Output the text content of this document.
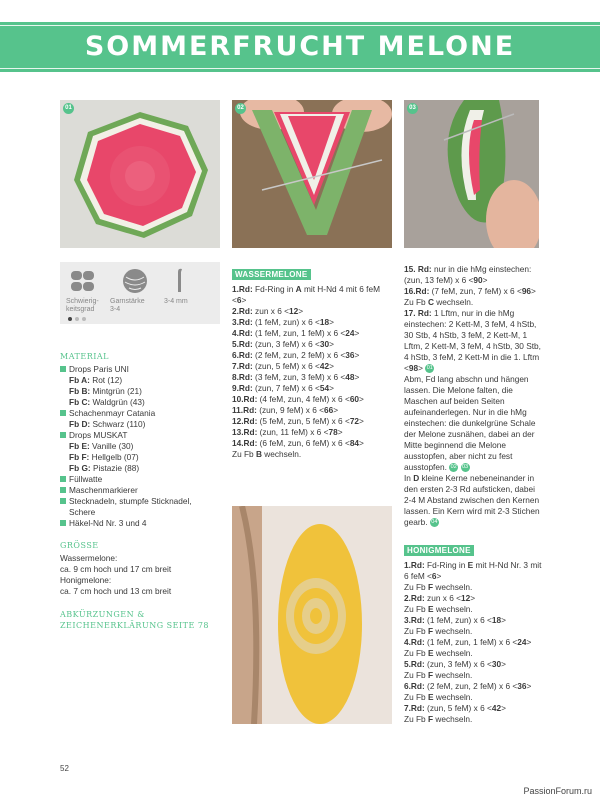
SOMMERFRUCHT MELONE
01	02	03
Schwierig-
keitsgrad
Garnstärke
3-4
3-4 mm
MATERIAL
Drops Paris UNI
Fb A: Rot (12)
Fb B: Mintgrün (21)
Fb C: Waldgrün (43)
Schachenmayr Catania
Fb D: Schwarz (110)
Drops MUSKAT
Fb E: Vanille (30)
Fb F: Hellgelb (07)
Fb G: Pistazie (88)
Füllwatte
Maschenmarkierer
Stecknadeln, stumpfe Sticknadel,
Schere
Häkel-Nd Nr. 3 und 4
GRÖSSE
Wassermelone:
ca. 9 cm hoch und 17 cm breit
Honigmelone:
ca. 7 cm hoch und 13 cm breit
ABKÜRZUNGEN &
ZEICHENERKLÄRUNG SEITE 78
WASSERMELONE
1.Rd: Fd-Ring in A mit H-Nd 4 mit 6 feM <6>
2.Rd: zun x 6 <12>
3.Rd: (1 feM, zun) x 6 <18>
4.Rd: (1 feM, zun, 1 feM) x 6 <24>
5.Rd: (zun, 3 feM) x 6 <30>
6.Rd: (2 feM, zun, 2 feM) x 6 <36>
7.Rd: (zun, 5 feM) x 6 <42>
8.Rd: (3 feM, zun, 3 feM) x 6 <48>
9.Rd: (zun, 7 feM) x 6 <54>
10.Rd: (4 feM, zun, 4 feM) x 6 <60>
11.Rd: (zun, 9 feM) x 6 <66>
12.Rd: (5 feM, zun, 5 feM) x 6 <72>
13.Rd: (zun, 11 feM) x 6 <78>
14.Rd: (6 feM, zun, 6 feM) x 6 <84>
Zu Fb B wechseln.
15. Rd: nur in die hMg einstechen: (zun, 13 feM) x 6 <90>
16.Rd: (7 feM, zun, 7 feM) x 6 <96>
Zu Fb C wechseln.
17. Rd: 1 Lftm, nur in die hMg einstechen: 2 Kett-M, 3 feM, 4 hStb, 30 Stb, 4 hStb, 3 feM, 2 Kett-M, 1 Lftm, 2 Kett-M, 3 feM, 4 hStb, 30 Stb, 4 hStb, 3 feM, 2 Kett-M in die 1. Lftm <98> 01
Abm, Fd lang abschn und hängen lassen. Die Melone falten, die Maschen auf beiden Seiten aufeinanderlegen. Nur in die hMg einstechen: die dunkelgrüne Schale der Melone zusnähen, dabei an der Mitte beginnend die Melone ausstopfen, aber nicht zu fest ausstopfen. 02 03
In D kleine Kerne nebeneinander in den ersten 2-3 Rd aufsticken, dabei 2-4 M Abstand zwischen den Kernen lassen. Ein Kern wird mit 2-3 Stichen gearb. 04
HONIGMELONE
1.Rd: Fd-Ring in E mit H-Nd Nr. 3 mit 6 feM <6>
Zu Fb F wechseln.
2.Rd: zun x 6 <12>
Zu Fb E wechseln.
3.Rd: (1 feM, zun) x 6 <18>
Zu Fb F wechseln.
4.Rd: (1 feM, zun, 1 feM) x 6 <24>
Zu Fb E wechseln.
5.Rd: (zun, 3 feM) x 6 <30>
Zu Fb F wechseln.
6.Rd: (2 feM, zun, 2 feM) x 6 <36>
Zu Fb E wechseln.
7.Rd: (zun, 5 feM) x 6 <42>
Zu Fb F wechseln.
52
PassionForum.ru
